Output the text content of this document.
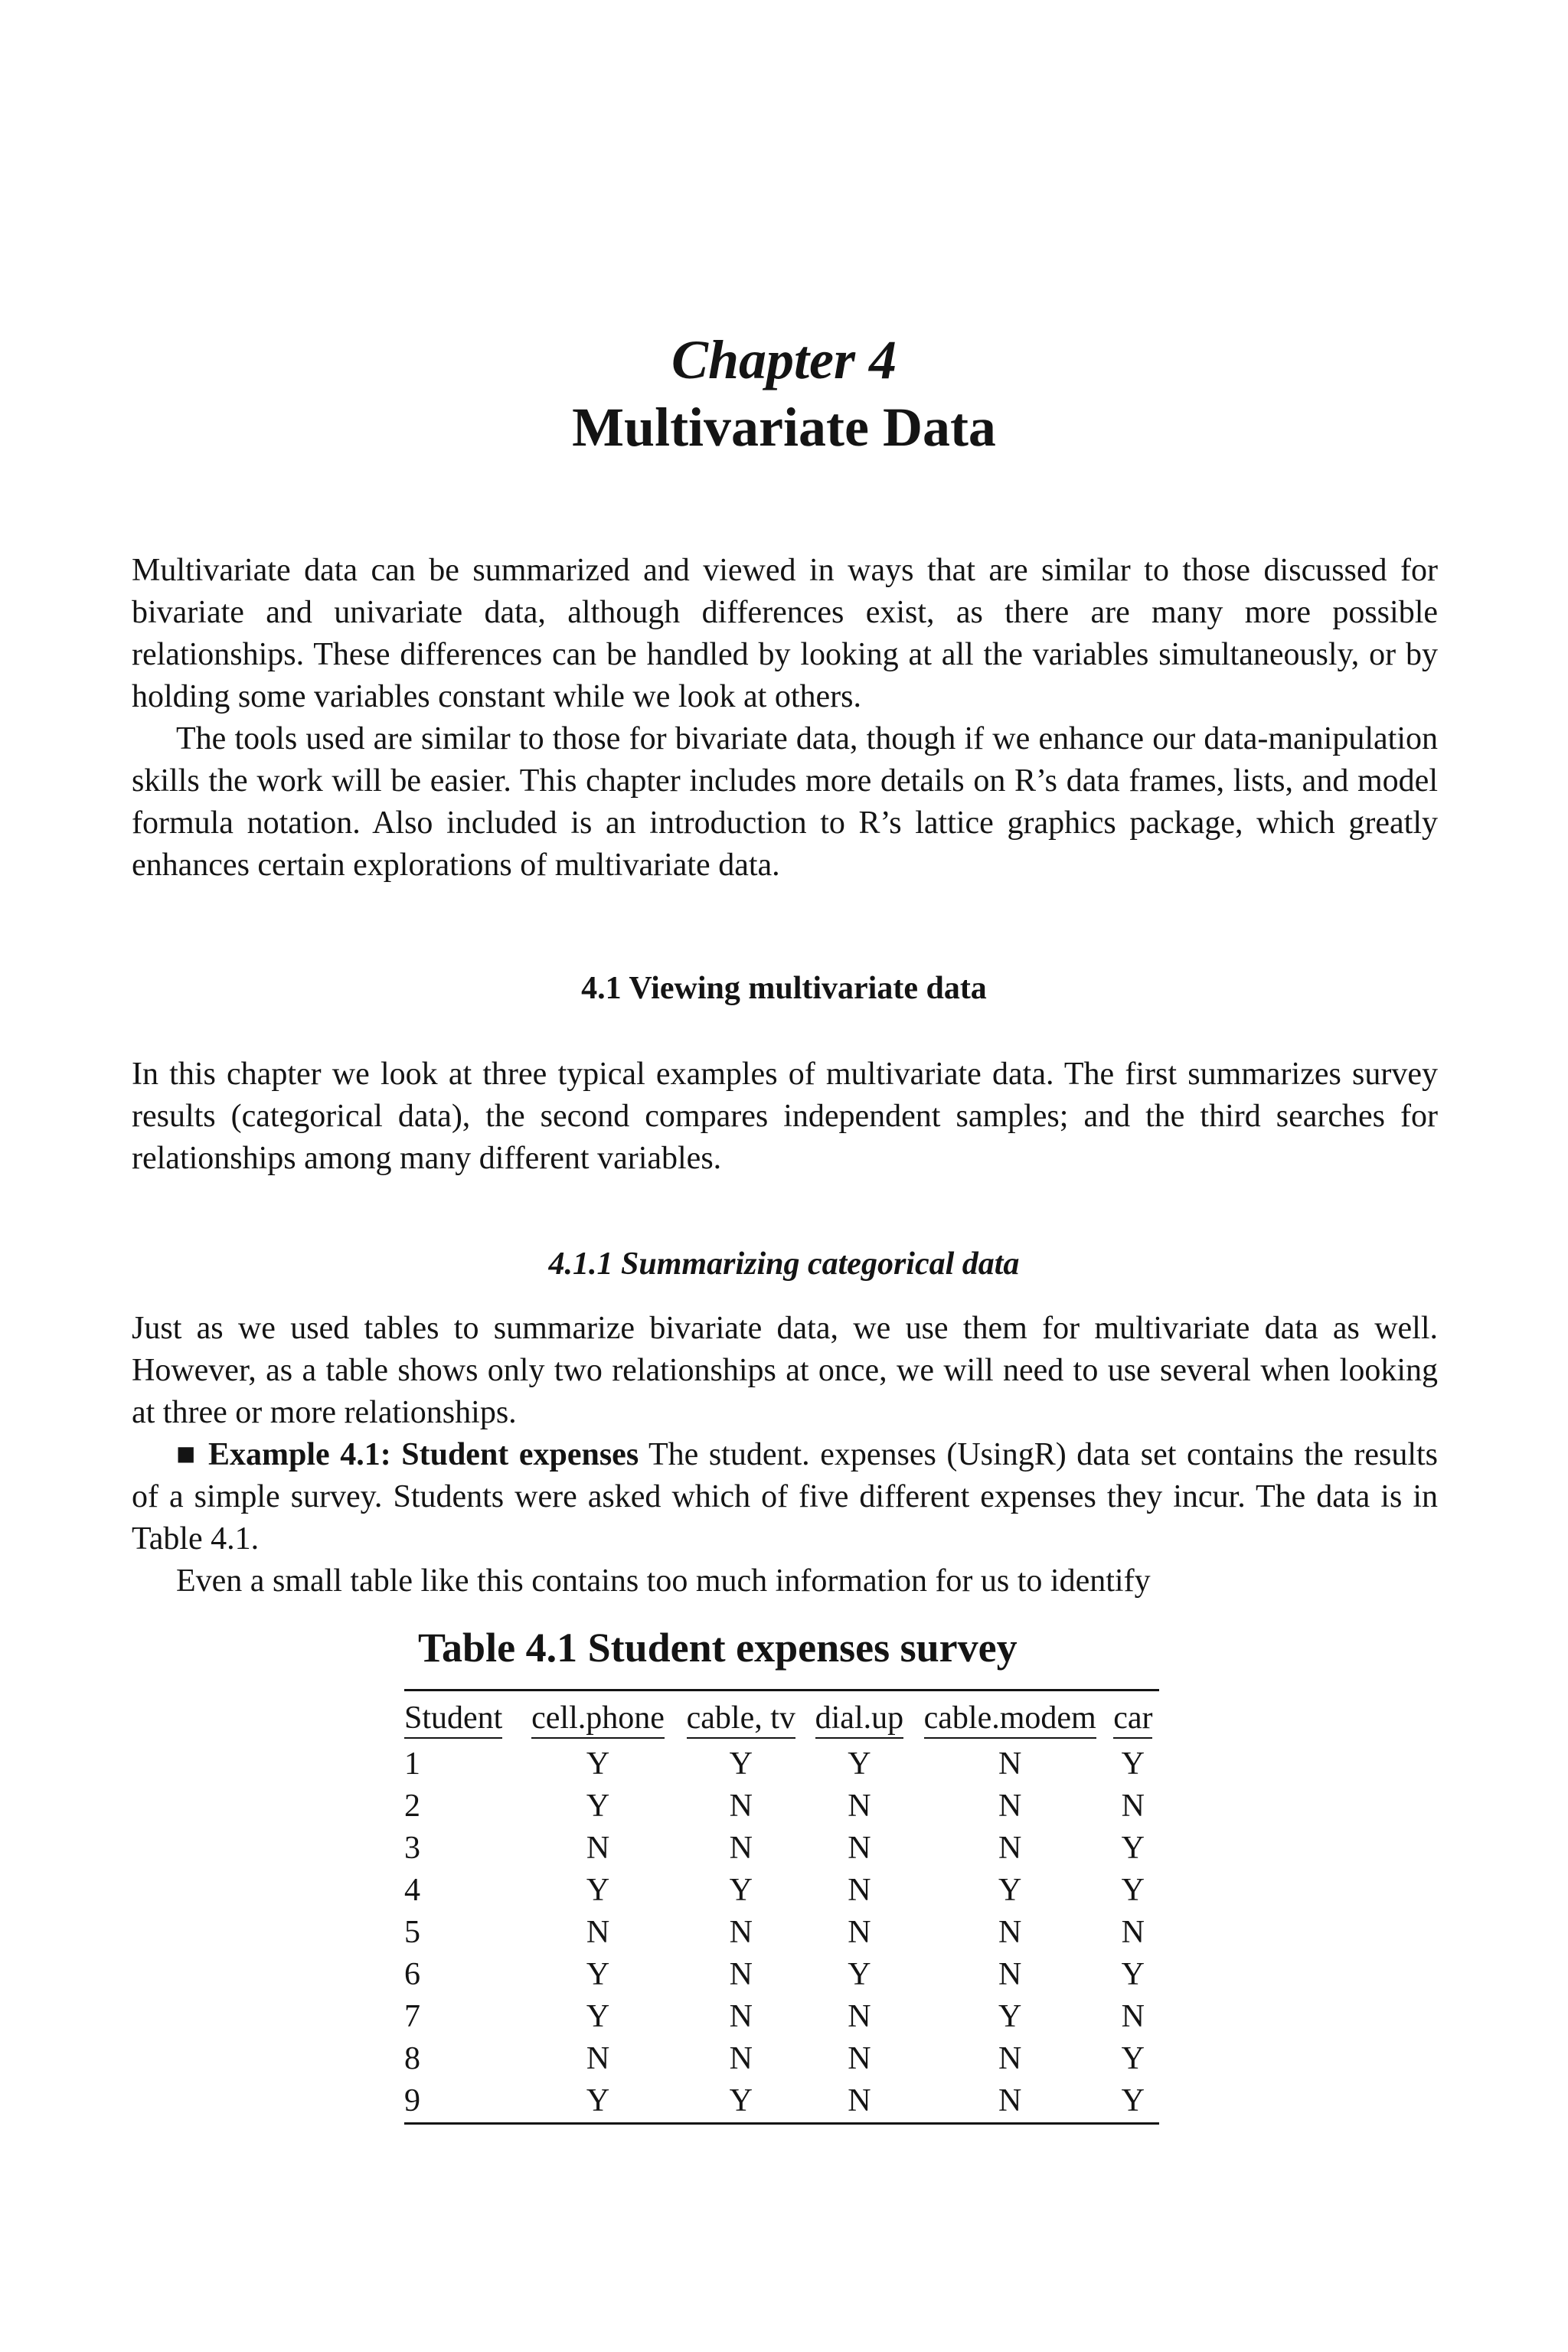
Chapter 4
Multivariate Data

Multivariate data can be summarized and viewed in ways that are similar to those discussed for bivariate and univariate data, although differences exist, as there are many more possible relationships. These differences can be handled by looking at all the variables simultaneously, or by holding some variables constant while we look at others.

The tools used are similar to those for bivariate data, though if we enhance our data-manipulation skills the work will be easier. This chapter includes more details on R’s data frames, lists, and model formula notation. Also included is an introduction to R’s lattice graphics package, which greatly enhances certain explorations of multivariate data.

4.1 Viewing multivariate data

In this chapter we look at three typical examples of multivariate data. The first summarizes survey results (categorical data), the second compares independent samples; and the third searches for relationships among many different variables.

4.1.1 Summarizing categorical data

Just as we used tables to summarize bivariate data, we use them for multivariate data as well. However, as a table shows only two relationships at once, we will need to use several when looking at three or more relationships.

■ Example 4.1: Student expenses The student. expenses (UsingR) data set contains the results of a simple survey. Students were asked which of five different expenses they incur. The data is in Table 4.1.

Even a small table like this contains too much information for us to identify

Table 4.1 Student expenses survey
Student	cell.phone	cable, tv	dial.up	cable.modem	car
1	Y	Y	Y	N	Y
2	Y	N	N	N	N
3	N	N	N	N	Y
4	Y	Y	N	Y	Y
5	N	N	N	N	N
6	Y	N	Y	N	Y
7	Y	N	N	Y	N
8	N	N	N	N	Y
9	Y	Y	N	N	Y
